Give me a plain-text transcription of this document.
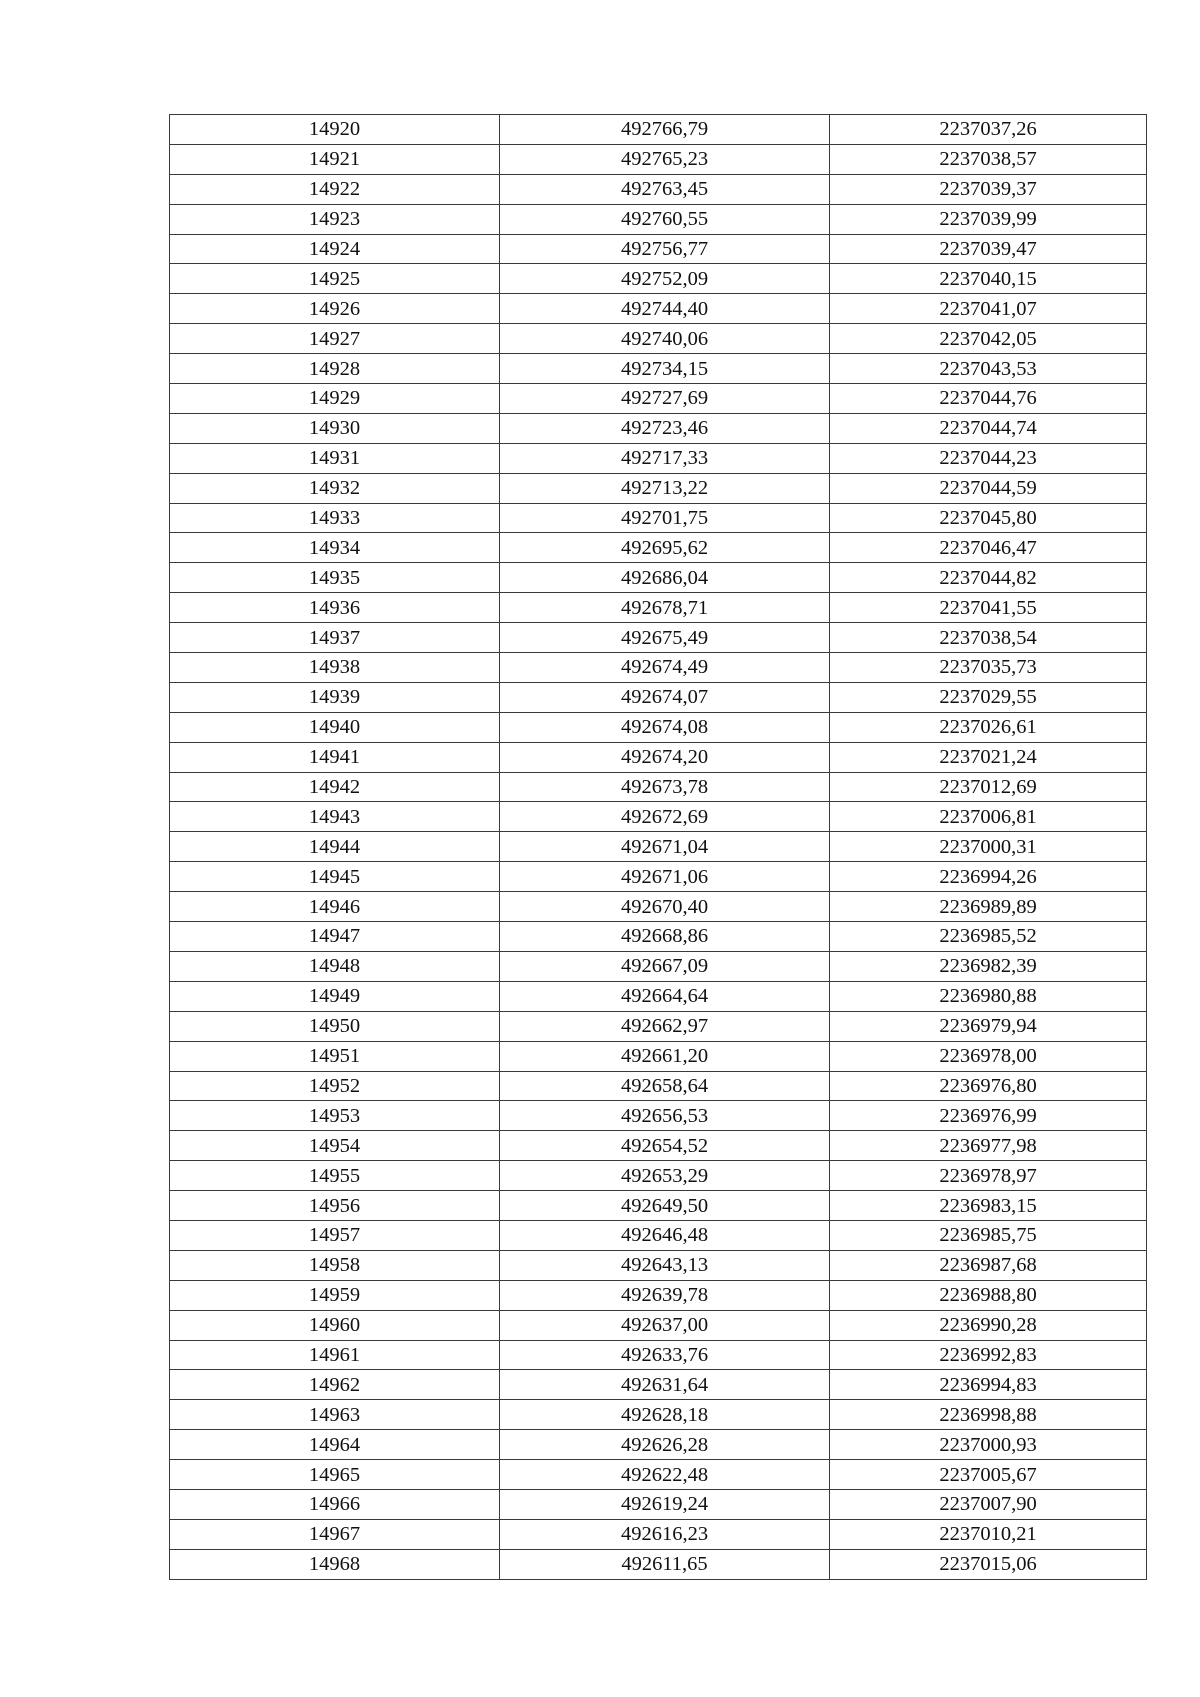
14920	492766,79	2237037,26
14921	492765,23	2237038,57
14922	492763,45	2237039,37
14923	492760,55	2237039,99
14924	492756,77	2237039,47
14925	492752,09	2237040,15
14926	492744,40	2237041,07
14927	492740,06	2237042,05
14928	492734,15	2237043,53
14929	492727,69	2237044,76
14930	492723,46	2237044,74
14931	492717,33	2237044,23
14932	492713,22	2237044,59
14933	492701,75	2237045,80
14934	492695,62	2237046,47
14935	492686,04	2237044,82
14936	492678,71	2237041,55
14937	492675,49	2237038,54
14938	492674,49	2237035,73
14939	492674,07	2237029,55
14940	492674,08	2237026,61
14941	492674,20	2237021,24
14942	492673,78	2237012,69
14943	492672,69	2237006,81
14944	492671,04	2237000,31
14945	492671,06	2236994,26
14946	492670,40	2236989,89
14947	492668,86	2236985,52
14948	492667,09	2236982,39
14949	492664,64	2236980,88
14950	492662,97	2236979,94
14951	492661,20	2236978,00
14952	492658,64	2236976,80
14953	492656,53	2236976,99
14954	492654,52	2236977,98
14955	492653,29	2236978,97
14956	492649,50	2236983,15
14957	492646,48	2236985,75
14958	492643,13	2236987,68
14959	492639,78	2236988,80
14960	492637,00	2236990,28
14961	492633,76	2236992,83
14962	492631,64	2236994,83
14963	492628,18	2236998,88
14964	492626,28	2237000,93
14965	492622,48	2237005,67
14966	492619,24	2237007,90
14967	492616,23	2237010,21
14968	492611,65	2237015,06
